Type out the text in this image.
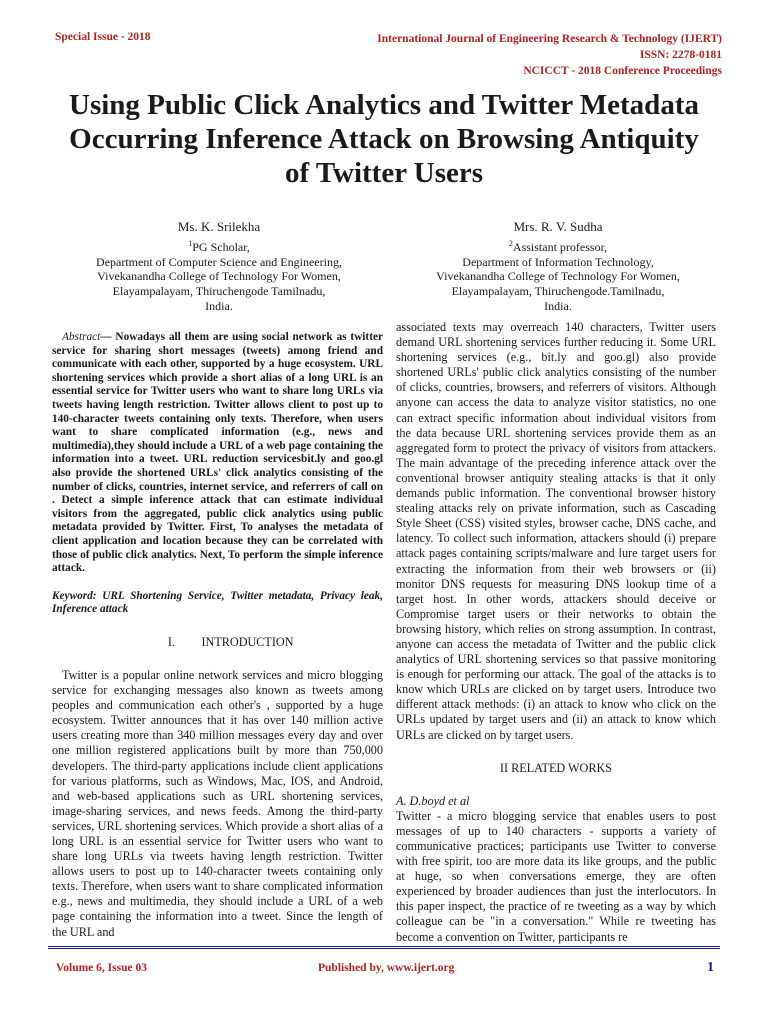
Special Issue - 2018	International Journal of Engineering Research & Technology (IJERT)
ISSN: 2278-0181
NCICCT - 2018 Conference Proceedings
Using Public Click Analytics and Twitter Metadata Occurring Inference Attack on Browsing Antiquity of Twitter Users
Ms. K. Srilekha
$^1$PG Scholar,
Department of Computer Science and Engineering,
Vivekanandha College of Technology For Women,
Elayampalayam, Thiruchengode Tamilnadu,
India.
Mrs. R. V. Sudha
$^2$Assistant professor,
Department of Information Technology,
Vivekanandha College of Technology For Women,
Elayampalayam, Thiruchengode.Tamilnadu,
India.

Abstract— Nowadays all them are using social network as twitter service for sharing short messages (tweets) among friend and communicate with each other, supported by a huge ecosystem. URL shortening services which provide a short alias of a long URL is an essential service for Twitter users who want to share long URLs via tweets having length restriction. Twitter allows client to post up to 140-character tweets containing only texts. Therefore, when users want to share complicated information (e.g., news and multimedia),they should include a URL of a web page containing the information into a tweet. URL reduction servicesbit.ly and goo.gl also provide the shortened URLs' click analytics consisting of the number of clicks, countries, internet service, and referrers of call on . Detect a simple inference attack that can estimate individual visitors from the aggregated, public click analytics using public metadata provided by Twitter. First, To analyses the metadata of client application and location because they can be correlated with those of public click analytics. Next, To perform the simple inference attack.

Keyword: URL Shortening Service, Twitter metadata, Privacy leak, Inference attack

I. INTRODUCTION

Twitter is a popular online network services and micro blogging service for exchanging messages also known as tweets among peoples and communication each other's , supported by a huge ecosystem. Twitter announces that it has over 140 million active users creating more than 340 million messages every day and over one million registered applications built by more than 750,000 developers. The third-party applications include client applications for various platforms, such as Windows, Mac, IOS, and Android, and web-based applications such as URL shortening services, image-sharing services, and news feeds. Among the third-party services, URL shortening services. Which provide a short alias of a long URL is an essential service for Twitter users who want to share long URLs via tweets having length restriction. Twitter allows users to post up to 140-character tweets containing only texts. Therefore, when users want to share complicated information e.g., news and multimedia, they should include a URL of a web page containing the information into a tweet. Since the length of the URL and

associated texts may overreach 140 characters, Twitter users demand URL shortening services further reducing it. Some URL shortening services (e.g., bit.ly and goo.gl) also provide shortened URLs' public click analytics consisting of the number of clicks, countries, browsers, and referrers of visitors. Although anyone can access the data to analyze visitor statistics, no one can extract specific information about individual visitors from the data because URL shortening services provide them as an aggregated form to protect the privacy of visitors from attackers. The main advantage of the preceding inference attack over the conventional browser antiquity stealing attacks is that it only demands public information. The conventional browser history stealing attacks rely on private information, such as Cascading Style Sheet (CSS) visited styles, browser cache, DNS cache, and latency. To collect such information, attackers should (i) prepare attack pages containing scripts/malware and lure target users for extracting the information from their web browsers or (ii) monitor DNS requests for measuring DNS lookup time of a target host. In other words, attackers should deceive or Compromise target users or their networks to obtain the browsing history, which relies on strong assumption. In contrast, anyone can access the metadata of Twitter and the public click analytics of URL shortening services so that passive monitoring is enough for performing our attack. The goal of the attacks is to know which URLs are clicked on by target users. Introduce two different attack methods: (i) an attack to know who click on the URLs updated by target users and (ii) an attack to know which URLs are clicked on by target users.

II RELATED WORKS

A. D.boyd et al

Twitter - a micro blogging service that enables users to post messages of up to 140 characters - supports a variety of communicative practices; participants use Twitter to converse with free spirit, too are more data its like groups, and the public at huge, so when conversations emerge, they are often experienced by broader audiences than just the interlocutors. In this paper inspect, the practice of re tweeting as a way by which colleague can be "in a conversation." While re tweeting has become a convention on Twitter, participants re

Volume 6, Issue 03	Published by, www.ijert.org	1
